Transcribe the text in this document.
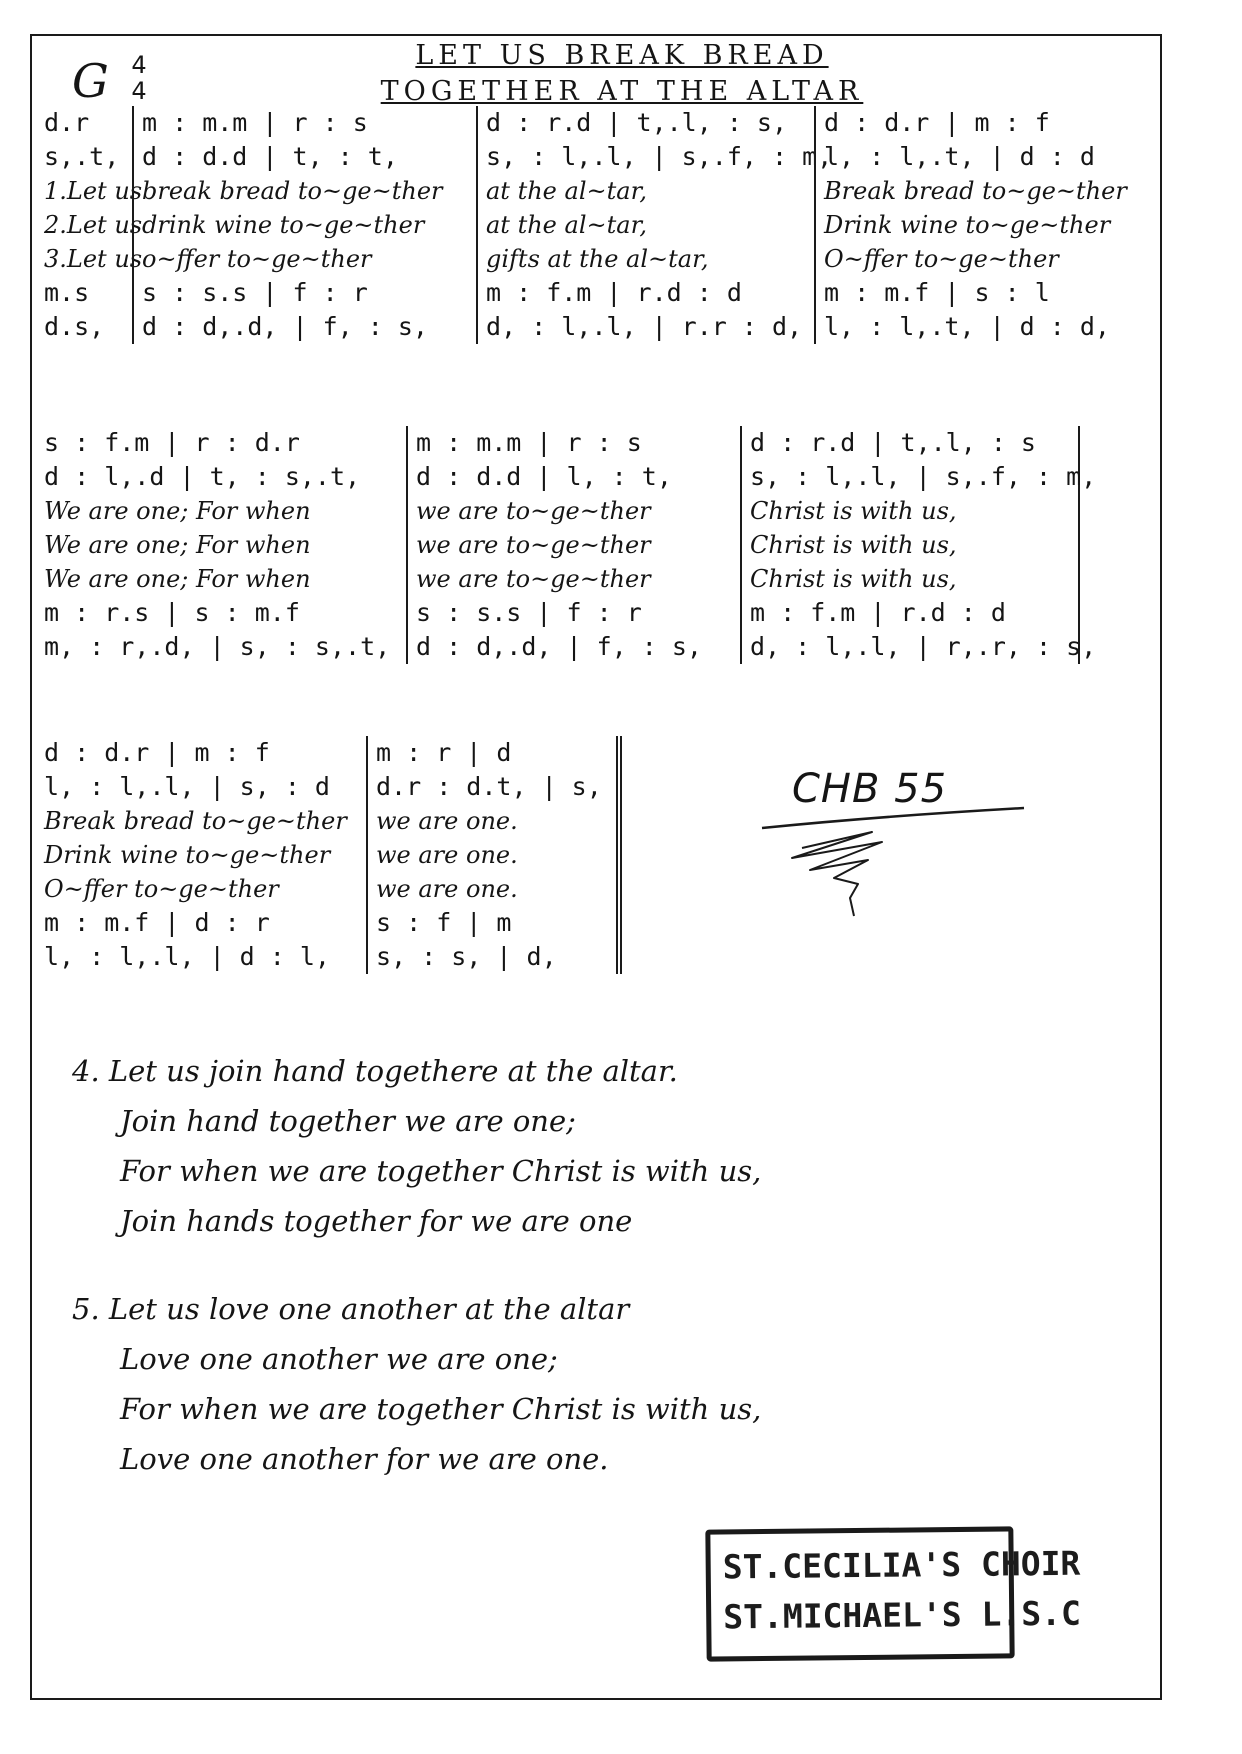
G 4
4
LET US BREAK BREAD
TOGETHER AT THE ALTAR
d.r
s,.t,
1.Let us
2.Let us
3.Let us
m.s
d.s,
m : m.m | r : s
d : d.d | t, : t,
break bread to~ge~ther
drink wine to~ge~ther
o~ffer to~ge~ther
s : s.s | f : r
d : d,.d, | f, : s,
d : r.d | t,.l, : s,
s, : l,.l, | s,.f, : m,
at the al~tar,
at the al~tar,
gifts at the al~tar,
m : f.m | r.d : d
d, : l,.l, | r.r : d,
d : d.r | m : f
l, : l,.t, | d : d
Break bread to~ge~ther
Drink wine to~ge~ther
O~ffer to~ge~ther
m : m.f | s : l
l, : l,.t, | d : d,
s : f.m | r : d.r
d : l,.d | t, : s,.t,
We are one; For when
We are one; For when
We are one; For when
m : r.s | s : m.f
m, : r,.d, | s, : s,.t,
m : m.m | r : s
d : d.d | l, : t,
we are to~ge~ther
we are to~ge~ther
we are to~ge~ther
s : s.s | f : r
d : d,.d, | f, : s,
d : r.d | t,.l, : s
s, : l,.l, | s,.f, : m,
Christ is with us,
Christ is with us,
Christ is with us,
m : f.m | r.d : d
d, : l,.l, | r,.r, : s,
d : d.r | m : f
l, : l,.l, | s, : d
Break bread to~ge~ther
Drink wine to~ge~ther
O~ffer to~ge~ther
m : m.f | d : r
l, : l,.l, | d : l,
m : r | d
d.r : d.t, | s,
we are one.
we are one.
we are one.
s : f | m
s, : s, | d,
CHB 55
4. Let us join hand togethere at the altar.
Join hand together we are one;
For when we are together Christ is with us,
Join hands together for we are one
5. Let us love one another at the altar
Love one another we are one;
For when we are together Christ is with us,
Love one another for we are one.
ST.CECILIA'S CHOIR
ST.MICHAEL'S L.S.C
